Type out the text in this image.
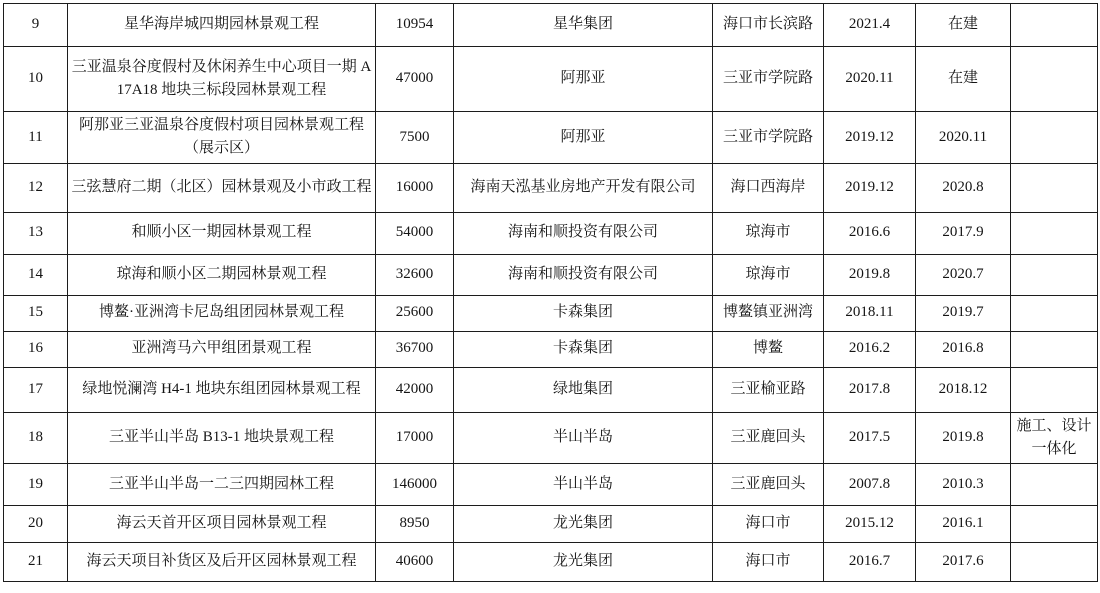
9	星华海岸城四期园林景观工程	10954	星华集团	海口市长滨路	2021.4	在建	
10	三亚温泉谷度假村及休闲养生中心项目一期 A17A18 地块三标段园林景观工程	47000	阿那亚	三亚市学院路	2020.11	在建	
11	阿那亚三亚温泉谷度假村项目园林景观工程（展示区）	7500	阿那亚	三亚市学院路	2019.12	2020.11	
12	三弦慧府二期（北区）园林景观及小市政工程	16000	海南天泓基业房地产开发有限公司	海口西海岸	2019.12	2020.8	
13	和顺小区一期园林景观工程	54000	海南和顺投资有限公司	琼海市	2016.6	2017.9	
14	琼海和顺小区二期园林景观工程	32600	海南和顺投资有限公司	琼海市	2019.8	2020.7	
15	博鳌·亚洲湾卡尼岛组团园林景观工程	25600	卡森集团	博鳌镇亚洲湾	2018.11	2019.7	
16	亚洲湾马六甲组团景观工程	36700	卡森集团	博鳌	2016.2	2016.8	
17	绿地悦澜湾 H4-1 地块东组团园林景观工程	42000	绿地集团	三亚榆亚路	2017.8	2018.12	
18	三亚半山半岛 B13-1 地块景观工程	17000	半山半岛	三亚鹿回头	2017.5	2019.8	施工、设计一体化
19	三亚半山半岛一二三四期园林工程	146000	半山半岛	三亚鹿回头	2007.8	2010.3	
20	海云天首开区项目园林景观工程	8950	龙光集团	海口市	2015.12	2016.1	
21	海云天项目补货区及后开区园林景观工程	40600	龙光集团	海口市	2016.7	2017.6	
